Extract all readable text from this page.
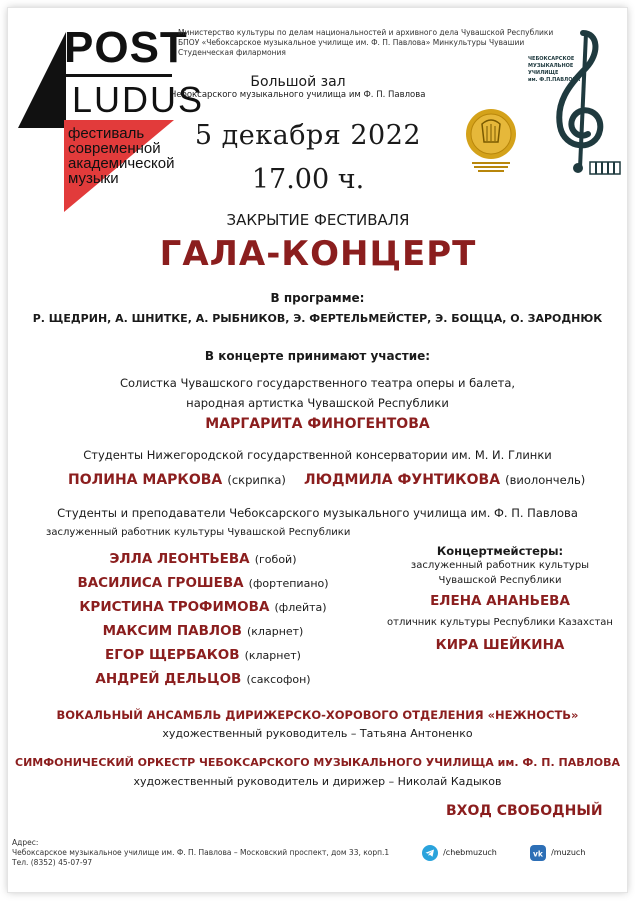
POST
LUDUS
фестиваль
современной
академической
музыки
Министерство культуры по делам национальностей и архивного дела Чувашской Республики
БПОУ «Чебоксарское музыкальное училище им. Ф. П. Павлова» Минкультуры Чувашии
Студенческая филармония
Большой зал
Чебоксарского музыкального училища им Ф. П. Павлова
ЧЕБОКСАРСКОЕ
МУЗЫКАЛЬНОЕ
УЧИЛИЩЕ
им. Ф.П.ПАВЛОВА
5 декабря 2022
17.00 ч.
ЗАКРЫТИЕ ФЕСТИВАЛЯ
ГАЛА-КОНЦЕРТ
В программе:
Р. ЩЕДРИН, А. ШНИТКЕ, А. РЫБНИКОВ, Э. ФЕРТЕЛЬМЕЙСТЕР, Э. БОЩЦА, О. ЗАРОДНЮК
В концерте принимают участие:
Солистка Чувашского государственного театра оперы и балета,
народная артистка Чувашской Республики
МАРГАРИТА ФИНОГЕНТОВА
Студенты Нижегородской государственной консерватории им. М. И. Глинки
ПОЛИНА МАРКОВА (скрипка) ЛЮДМИЛА ФУНТИКОВА (виолончель)
Студенты и преподаватели Чебоксарского музыкального училища им. Ф. П. Павлова
заслуженный работник культуры Чувашской Республики
ЭЛЛА ЛЕОНТЬЕВА (гобой)
ВАСИЛИСА ГРОШЕВА (фортепиано)
КРИСТИНА ТРОФИМОВА (флейта)
МАКСИМ ПАВЛОВ (кларнет)
ЕГОР ЩЕРБАКОВ (кларнет)
АНДРЕЙ ДЕЛЬЦОВ (саксофон)
Концертмейстеры:
заслуженный работник культуры
Чувашской Республики
ЕЛЕНА АНАНЬЕВА
отличник культуры Республики Казахстан
КИРА ШЕЙКИНА
ВОКАЛЬНЫЙ АНСАМБЛЬ ДИРИЖЕРСКО-ХОРОВОГО ОТДЕЛЕНИЯ «НЕЖНОСТЬ»
художественный руководитель – Татьяна Антоненко
СИМФОНИЧЕСКИЙ ОРКЕСТР ЧЕБОКСАРСКОГО МУЗЫКАЛЬНОГО УЧИЛИЩА им. Ф. П. ПАВЛОВА
художественный руководитель и дирижер – Николай Кадыков
ВХОД СВОБОДНЫЙ
Адрес:
Чебоксарское музыкальное училище им. Ф. П. Павлова – Московский проспект, дом 33, корп.1
Тел. (8352) 45-07-97
/chebmuzuch	vk /muzuch
